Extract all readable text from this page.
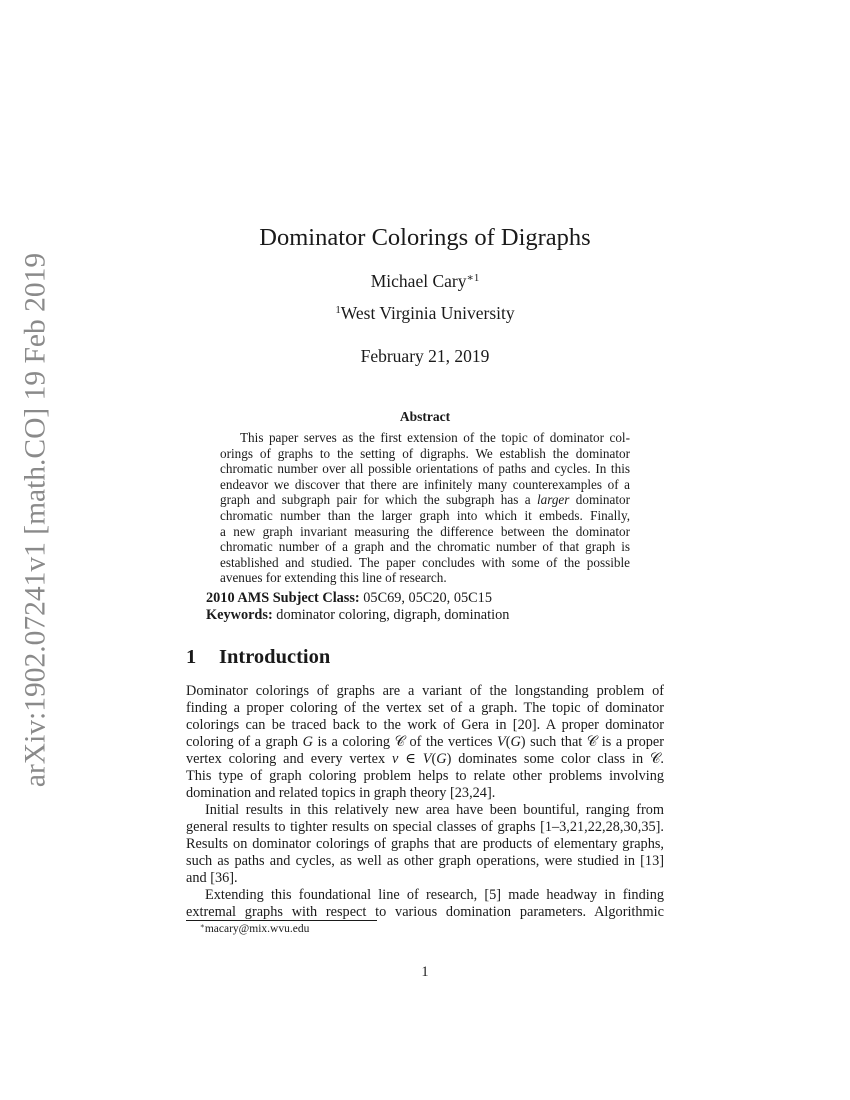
arXiv:1902.07241v1 [math.CO] 19 Feb 2019
Dominator Colorings of Digraphs
Michael Cary$^{∗1}$
$^1$West Virginia University
February 21, 2019
Abstract
This paper serves as the first extension of the topic of dominator col-
orings of graphs to the setting of digraphs. We establish the dominator
chromatic number over all possible orientations of paths and cycles. In this
endeavor we discover that there are infinitely many counterexamples of a
graph and subgraph pair for which the subgraph has a larger dominator
chromatic number than the larger graph into which it embeds. Finally,
a new graph invariant measuring the difference between the dominator
chromatic number of a graph and the chromatic number of that graph is
established and studied. The paper concludes with some of the possible
avenues for extending this line of research.
2010 AMS Subject Class: 05C69, 05C20, 05C15
Keywords: dominator coloring, digraph, domination
1 Introduction
Dominator colorings of graphs are a variant of the longstanding problem of
finding a proper coloring of the vertex set of a graph. The topic of dominator
colorings can be traced back to the work of Gera in [20]. A proper dominator
coloring of a graph G is a coloring 𝒞 of the vertices V(G) such that 𝒞 is a proper
vertex coloring and every vertex v ∈ V(G) dominates some color class in 𝒞.
This type of graph coloring problem helps to relate other problems involving
domination and related topics in graph theory [23,24].
Initial results in this relatively new area have been bountiful, ranging from
general results to tighter results on special classes of graphs [1–3,21,22,28,30,35].
Results on dominator colorings of graphs that are products of elementary graphs,
such as paths and cycles, as well as other graph operations, were studied in [13]
and [36].
Extending this foundational line of research, [5] made headway in finding
extremal graphs with respect to various domination parameters. Algorithmic
∗macary@mix.wvu.edu
1
